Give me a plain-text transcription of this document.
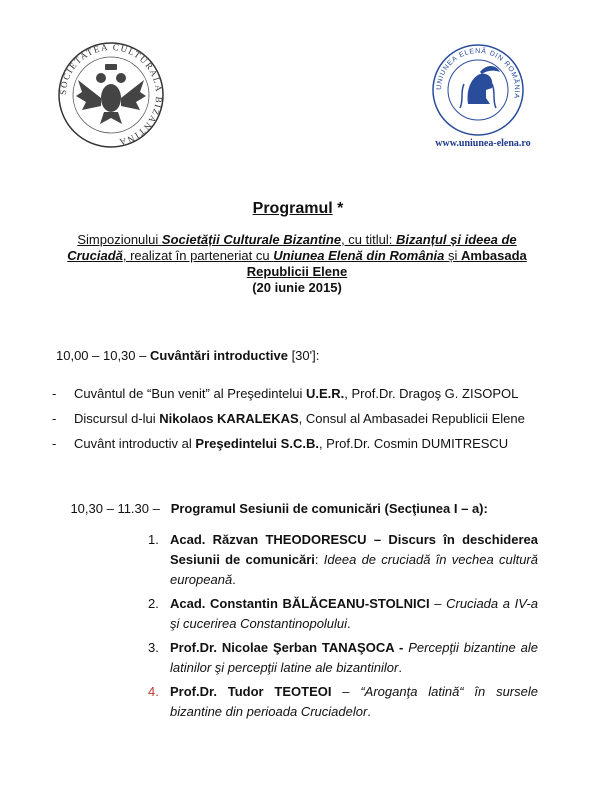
SOCIETATEA CULTURALA BIZANTINA
UNIUNEA ELENĂ DIN ROMÂNIA
www.uniunea-elena.ro
Programul *
Simpozionului Societății Culturale Bizantine, cu titlul: Bizanțul și ideea de Cruciadă, realizat în parteneriat cu Uniunea Elenă din România și Ambasada Republicii Elene
(20 iunie 2015)
10,00 – 10,30 – Cuvântări introductive [30']:
-	Cuvântul de “Bun venit” al Preşedintelui U.E.R., Prof.Dr. Dragoş G. ZISOPOL
-	Discursul d-lui Nikolaos KARALEKAS, Consul al Ambasadei Republicii Elene
-	Cuvânt introductiv al Preşedintelui S.C.B., Prof.Dr. Cosmin DUMITRESCU

10,30 – 11.30 –   Programul Sesiunii de comunicări (Secţiunea I – a):

1. Acad. Răzvan THEODORESCU – Discurs în deschiderea Sesiunii de comunicări: Ideea de cruciadă în vechea cultură europeană.
2. Acad. Constantin BĂLĂCEANU-STOLNICI – Cruciada a IV-a şi cucerirea Constantinopolului.
3. Prof.Dr. Nicolae Şerban TANAŞOCA - Percepţii bizantine ale latinilor şi percepţii latine ale bizantinilor.
4. Prof.Dr. Tudor TEOTEOI – “Aroganţa latină“ în sursele bizantine din perioada Cruciadelor.
